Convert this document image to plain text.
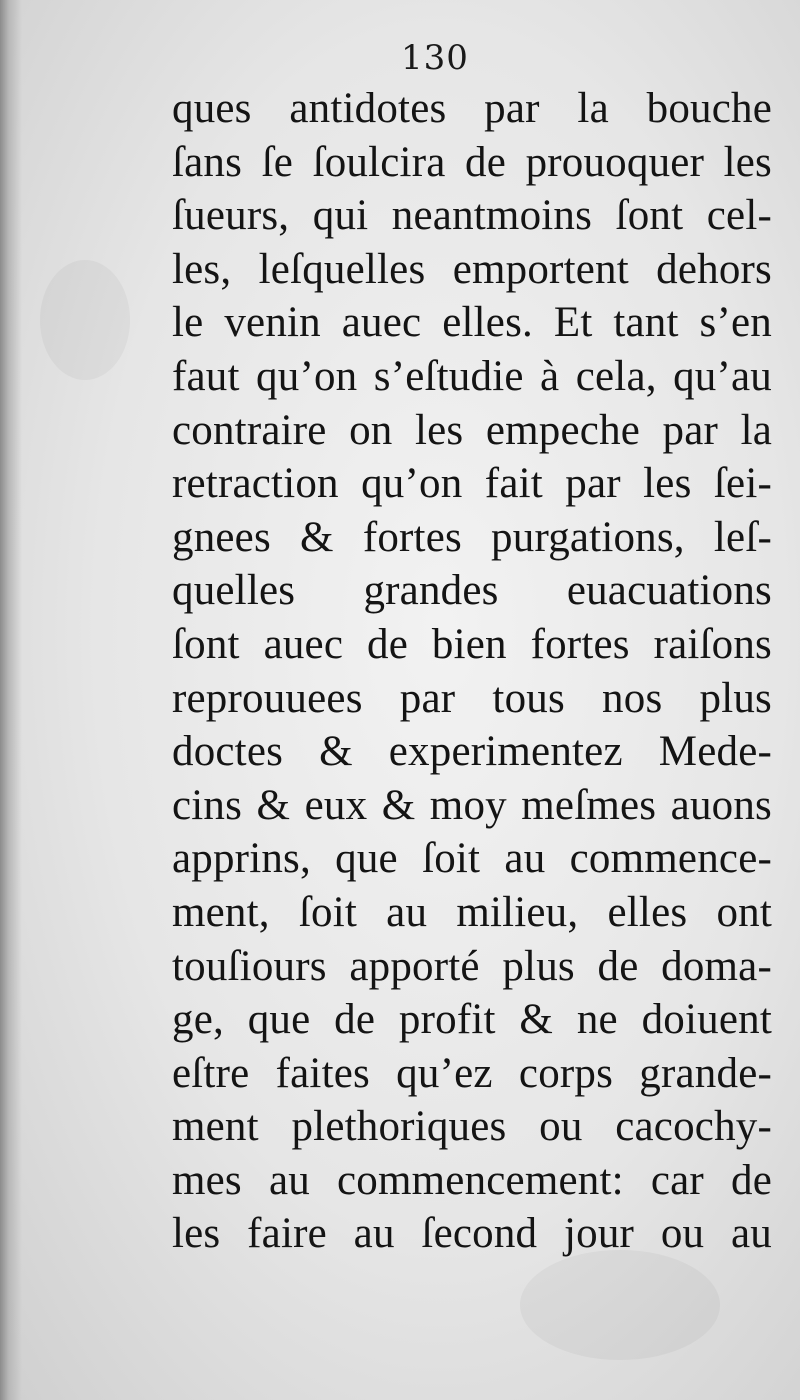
130
ques antidotes par la bouche
ſans ſe ſoulcira de prouoquer les
ſueurs, qui neantmoins ſont cel-
les, leſquelles emportent dehors
le venin auec elles. Et tant s’en
faut qu’on s’eſtudie à cela, qu’au
contraire on les empeche par la
retraction qu’on fait par les ſei-
gnees & fortes purgations, leſ-
quelles grandes euacuations
ſont auec de bien fortes raiſons
reprouuees par tous nos plus
doctes & experimentez Mede-
cins & eux & moy meſmes auons
apprins, que ſoit au commence-
ment, ſoit au milieu, elles ont
touſiours apporté plus de doma-
ge, que de profit & ne doiuent
eſtre faites qu’ez corps grande-
ment plethoriques ou cacochy-
mes au commencement: car de
les faire au ſecond jour ou au
